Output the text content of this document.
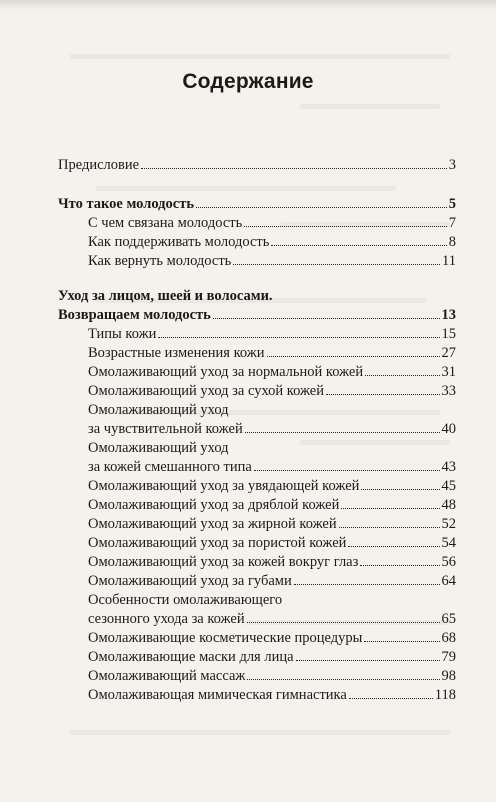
Содержание
Предисловие	3
Что такое молодость	5
С чем связана молодость	7
Как поддерживать молодость	8
Как вернуть молодость	11
Уход за лицом, шеей и волосами.
Возвращаем молодость	13
Типы кожи	15
Возрастные изменения кожи	27
Омолаживающий уход за нормальной кожей	31
Омолаживающий уход за сухой кожей	33
Омолаживающий уход
за чувствительной кожей	40
Омолаживающий уход
за кожей смешанного типа	43
Омолаживающий уход за увядающей кожей	45
Омолаживающий уход за дряблой кожей	48
Омолаживающий уход за жирной кожей	52
Омолаживающий уход за пористой кожей	54
Омолаживающий уход за кожей вокруг глаз	56
Омолаживающий уход за губами	64
Особенности омолаживающего
сезонного ухода за кожей	65
Омолаживающие косметические процедуры	68
Омолаживающие маски для лица	79
Омолаживающий массаж	98
Омолаживающая мимическая гимнастика	118
